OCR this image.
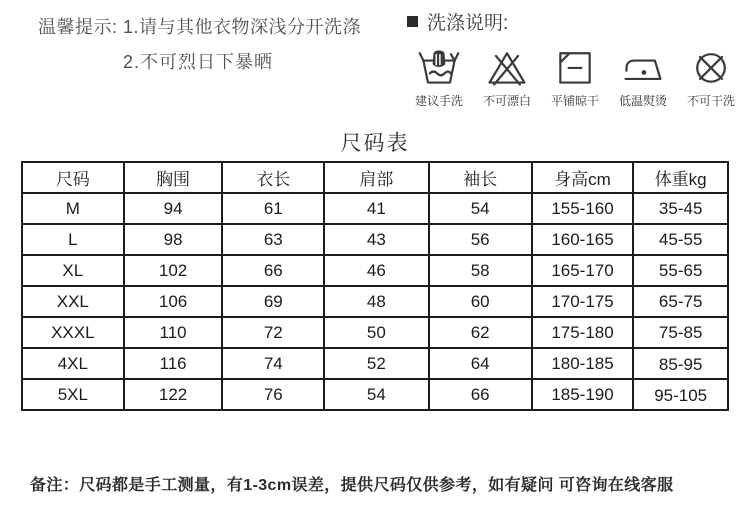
温馨提示: 1.请与其他衣物深浅分开洗涤
2.不可烈日下暴晒
洗涤说明:
建议手洗	不可漂白	平铺晾干	低温熨烫	不可干洗
尺码表
尺码	胸围	衣长	肩部	袖长	身高cm	体重kg
M	94	61	41	54	155-160	35-45
L	98	63	43	56	160-165	45-55
XL	102	66	46	58	165-170	55-65
XXL	106	69	48	60	170-175	65-75
XXXL	110	72	50	62	175-180	75-85
4XL	116	74	52	64	180-185	85-95
5XL	122	76	54	66	185-190	95-105
备注：尺码都是手工测量，有1-3cm误差，提供尺码仅供参考，如有疑问 可咨询在线客服
